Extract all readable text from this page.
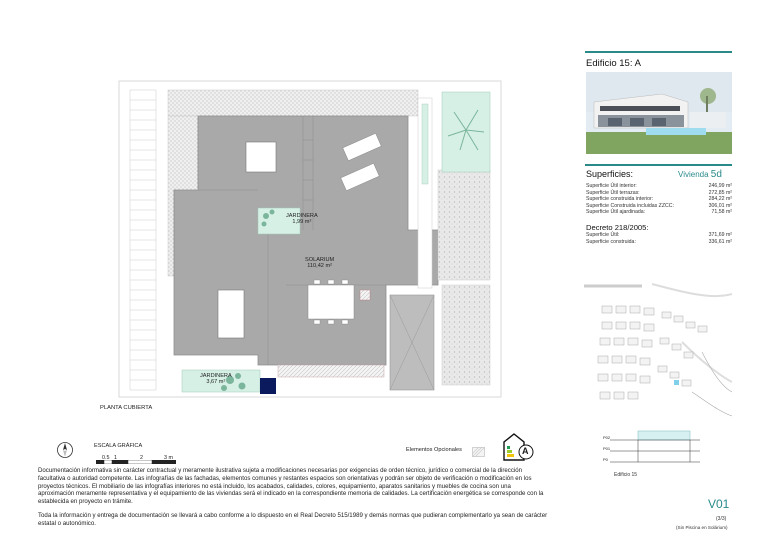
SOLARIUM
110,42 m²
JARDINERA
1,99 m²
JARDINERA
3,67 m²
PLANTA CUBIERTA
ESCALA GRÁFICA
0.5 1	2	3 m
Elementos Opcionales	A
Documentación informativa sin carácter contractual y meramente ilustrativa sujeta a modificaciones necesarias por exigencias de orden técnico, jurídico o comercial de la dirección facultativa o autoridad competente. Las infografías de las fachadas, elementos comunes y restantes espacios son orientativas y podrán ser objeto de verificación o modificación en los proyectos técnicos. El mobiliario de las infografías interiores no está incluido, los acabados, calidades, colores, equipamiento, aparatos sanitarios y muebles de cocina son una aproximación meramente representativa y el equipamiento de las viviendas será el indicado en la correspondiente memoria de calidades. La certificación energética se corresponde con la establecida en proyecto en trámite.
Toda la información y entrega de documentación se llevará a cabo conforme a lo dispuesto en el Real Decreto 515/1989 y demás normas que pudieran complementarlo ya sean de carácter estatal o autonómico.
Edificio 15: A
Superficies:	Vivienda 5d
Superficie Útil interior:	246,99 m²
Superficie Útil terrazas:	272,85 m²
Superficie construida interior:	284,22 m²
Superficie Construida incluidas ZZCC:	306,01 m²
Superficie Útil ajardinada:	71,58 m²
Decreto 218/2005:
Superficie Útil:	371,69 m²
Superficie construida:	336,61 m²
P02
P01
P0
Edificio 15
V01
(3/3)
(Sin Piscina en Solárium)
